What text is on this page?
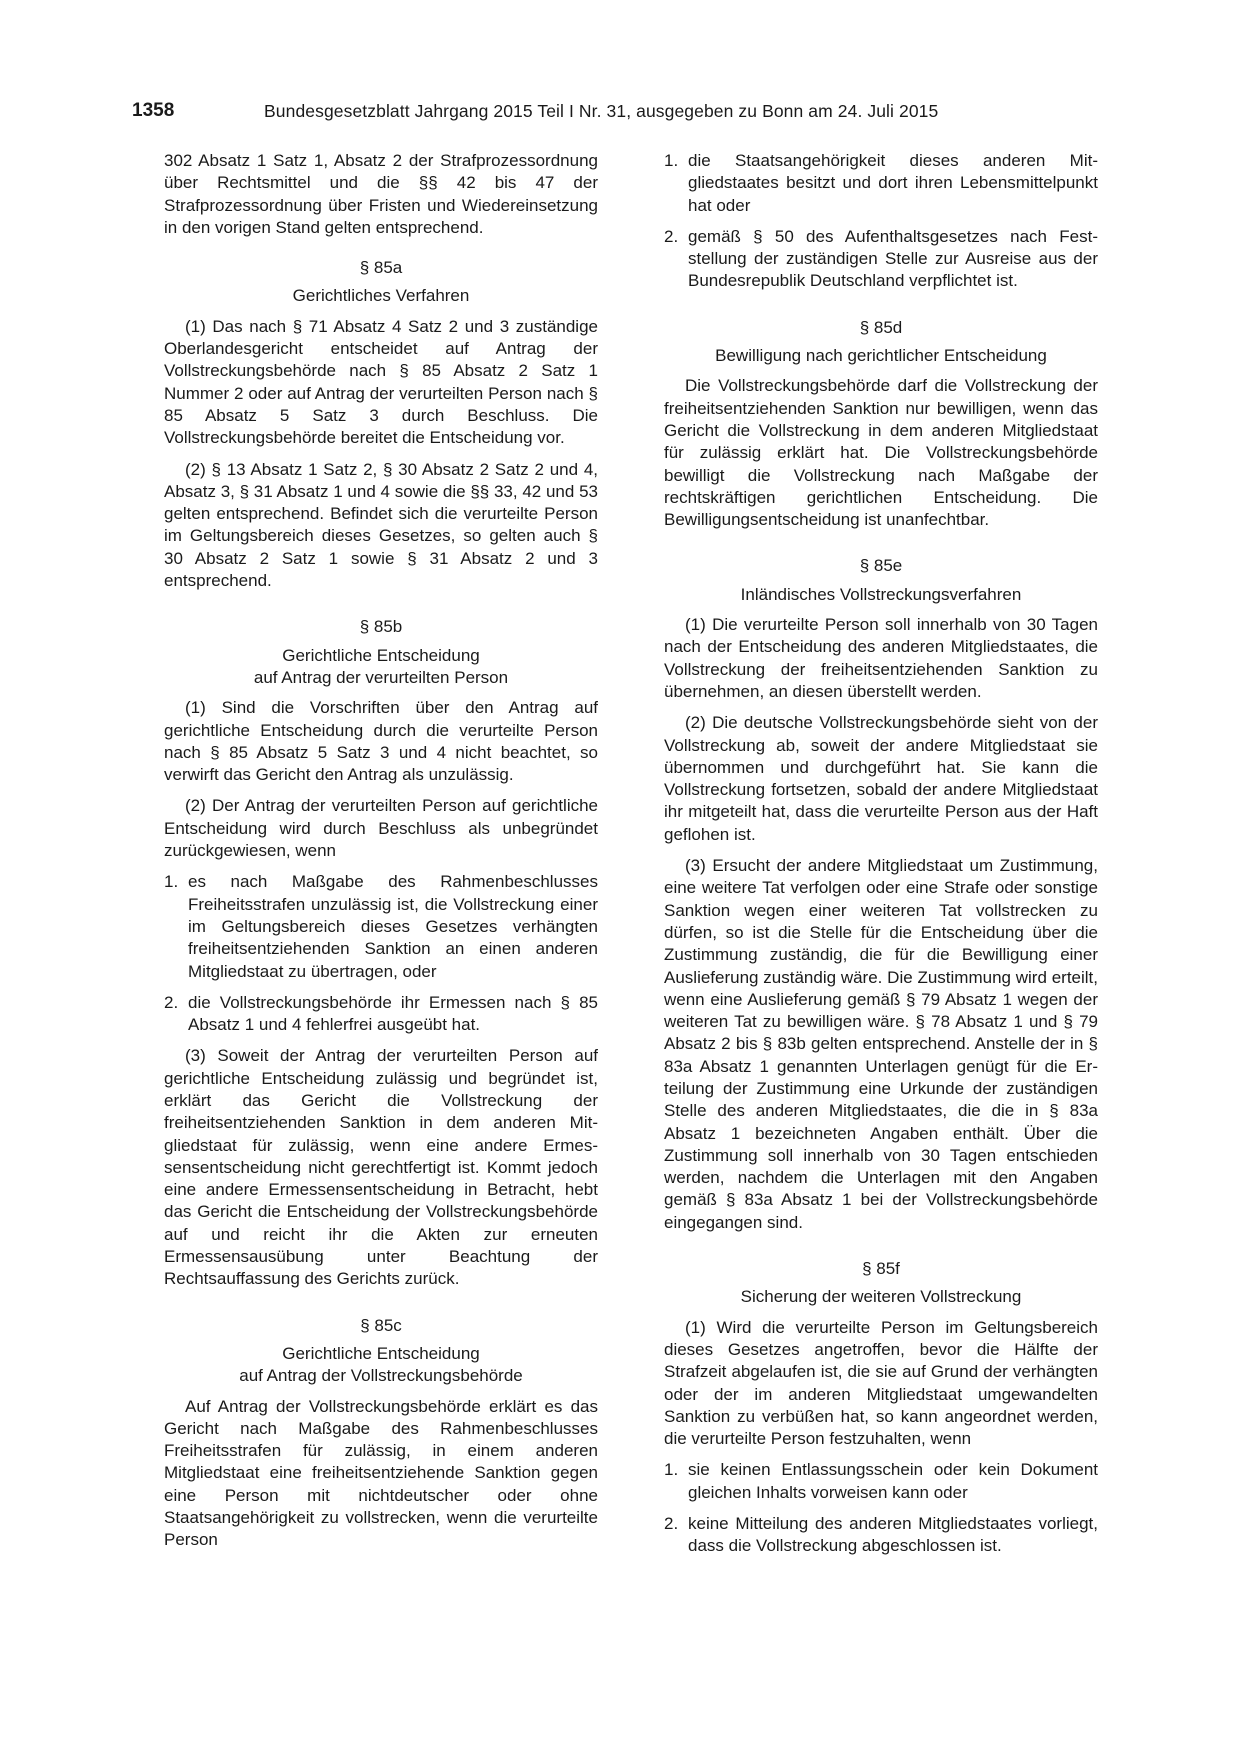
1358	Bundesgesetzblatt Jahrgang 2015 Teil I Nr. 31, ausgegeben zu Bonn am 24. Juli 2015

302 Absatz 1 Satz 1, Absatz 2 der Strafprozessordnung über Rechtsmittel und die §§ 42 bis 47 der Strafprozessordnung über Fristen und Wiedereinsetzung in den vorigen Stand gelten entsprechend.

§ 85a
Gerichtliches Verfahren

(1) Das nach § 71 Absatz 4 Satz 2 und 3 zuständige Oberlandesgericht entscheidet auf Antrag der Vollstreckungsbehörde nach § 85 Absatz 2 Satz 1 Nummer 2 oder auf Antrag der verurteilten Person nach § 85 Absatz 5 Satz 3 durch Beschluss. Die Vollstreckungsbehörde bereitet die Entscheidung vor.

(2) § 13 Absatz 1 Satz 2, § 30 Absatz 2 Satz 2 und 4, Absatz 3, § 31 Absatz 1 und 4 sowie die §§ 33, 42 und 53 gelten entsprechend. Befindet sich die verurteilte Person im Geltungsbereich dieses Gesetzes, so gelten auch § 30 Absatz 2 Satz 1 sowie § 31 Absatz 2 und 3 entsprechend.

§ 85b
Gerichtliche Entscheidung
auf Antrag der verurteilten Person

(1) Sind die Vorschriften über den Antrag auf gerichtliche Entscheidung durch die verurteilte Person nach § 85 Absatz 5 Satz 3 und 4 nicht beachtet, so verwirft das Gericht den Antrag als unzulässig.

(2) Der Antrag der verurteilten Person auf gerichtliche Entscheidung wird durch Beschluss als unbegründet zurückgewiesen, wenn

1. es nach Maßgabe des Rahmenbeschlusses Freiheitsstrafen unzulässig ist, die Vollstreckung einer im Geltungsbereich dieses Gesetzes verhängten freiheitsentziehenden Sanktion an einen anderen Mitgliedstaat zu übertragen, oder
2. die Vollstreckungsbehörde ihr Ermessen nach § 85 Absatz 1 und 4 fehlerfrei ausgeübt hat.

(3) Soweit der Antrag der verurteilten Person auf gerichtliche Entscheidung zulässig und begründet ist, erklärt das Gericht die Vollstreckung der freiheitsentziehenden Sanktion in dem anderen Mitgliedstaat für zulässig, wenn eine andere Ermessensentscheidung nicht gerechtfertigt ist. Kommt jedoch eine andere Ermessensentscheidung in Betracht, hebt das Gericht die Entscheidung der Vollstreckungsbehörde auf und reicht ihr die Akten zur erneuten Ermessensausübung unter Beachtung der Rechtsauffassung des Gerichts zurück.

§ 85c
Gerichtliche Entscheidung
auf Antrag der Vollstreckungsbehörde

Auf Antrag der Vollstreckungsbehörde erklärt es das Gericht nach Maßgabe des Rahmenbeschlusses Freiheitsstrafen für zulässig, in einem anderen Mitgliedstaat eine freiheitsentziehende Sanktion gegen eine Person mit nichtdeutscher oder ohne Staatsangehörigkeit zu vollstrecken, wenn die verurteilte Person

1. die Staatsangehörigkeit dieses anderen Mitgliedstaates besitzt und dort ihren Lebensmittelpunkt hat oder
2. gemäß § 50 des Aufenthaltsgesetzes nach Feststellung der zuständigen Stelle zur Ausreise aus der Bundesrepublik Deutschland verpflichtet ist.
§ 85d
Bewilligung nach gerichtlicher Entscheidung

Die Vollstreckungsbehörde darf die Vollstreckung der freiheitsentziehenden Sanktion nur bewilligen, wenn das Gericht die Vollstreckung in dem anderen Mitgliedstaat für zulässig erklärt hat. Die Vollstreckungsbehörde bewilligt die Vollstreckung nach Maßgabe der rechtskräftigen gerichtlichen Entscheidung. Die Bewilligungsentscheidung ist unanfechtbar.

§ 85e
Inländisches Vollstreckungsverfahren

(1) Die verurteilte Person soll innerhalb von 30 Tagen nach der Entscheidung des anderen Mitgliedstaates, die Vollstreckung der freiheitsentziehenden Sanktion zu übernehmen, an diesen überstellt werden.

(2) Die deutsche Vollstreckungsbehörde sieht von der Vollstreckung ab, soweit der andere Mitgliedstaat sie übernommen und durchgeführt hat. Sie kann die Vollstreckung fortsetzen, sobald der andere Mitgliedstaat ihr mitgeteilt hat, dass die verurteilte Person aus der Haft geflohen ist.

(3) Ersucht der andere Mitgliedstaat um Zustimmung, eine weitere Tat verfolgen oder eine Strafe oder sonstige Sanktion wegen einer weiteren Tat vollstrecken zu dürfen, so ist die Stelle für die Entscheidung über die Zustimmung zuständig, die für die Bewilligung einer Auslieferung zuständig wäre. Die Zustimmung wird erteilt, wenn eine Auslieferung gemäß § 79 Absatz 1 wegen der weiteren Tat zu bewilligen wäre. § 78 Absatz 1 und § 79 Absatz 2 bis § 83b gelten entsprechend. Anstelle der in § 83a Absatz 1 genannten Unterlagen genügt für die Erteilung der Zustimmung eine Urkunde der zuständigen Stelle des anderen Mitgliedstaates, die die in § 83a Absatz 1 bezeichneten Angaben enthält. Über die Zustimmung soll innerhalb von 30 Tagen entschieden werden, nachdem die Unterlagen mit den Angaben gemäß § 83a Absatz 1 bei der Vollstreckungsbehörde eingegangen sind.

§ 85f
Sicherung der weiteren Vollstreckung

(1) Wird die verurteilte Person im Geltungsbereich dieses Gesetzes angetroffen, bevor die Hälfte der Strafzeit abgelaufen ist, die sie auf Grund der verhängten oder der im anderen Mitgliedstaat umgewandelten Sanktion zu verbüßen hat, so kann angeordnet werden, die verurteilte Person festzuhalten, wenn

1. sie keinen Entlassungsschein oder kein Dokument gleichen Inhalts vorweisen kann oder
2. keine Mitteilung des anderen Mitgliedstaates vorliegt, dass die Vollstreckung abgeschlossen ist.
